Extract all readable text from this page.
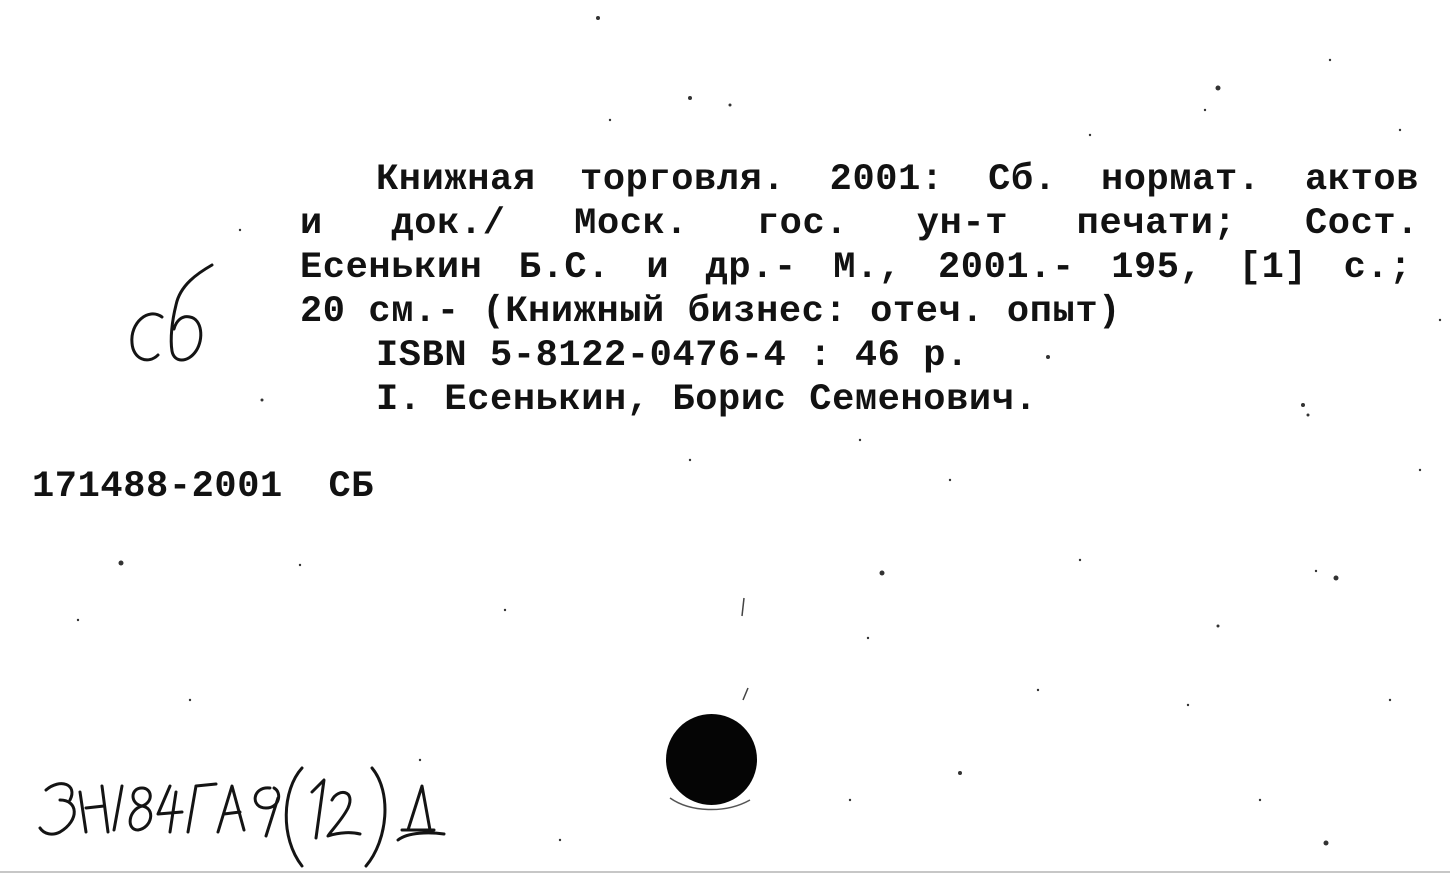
Книжная торговля. 2001: Сб. нормат. актов
и док./ Моск. гос. ун-т печати; Сост.
Есенькин Б.С. и др.- М., 2001.- 195, [1] с.;
20 см.- (Книжный бизнес: отеч. опыт)
ISBN 5-8122-0476-4 : 46 р.
I. Есенькин, Борис Семенович.
171488-2001  СБ
